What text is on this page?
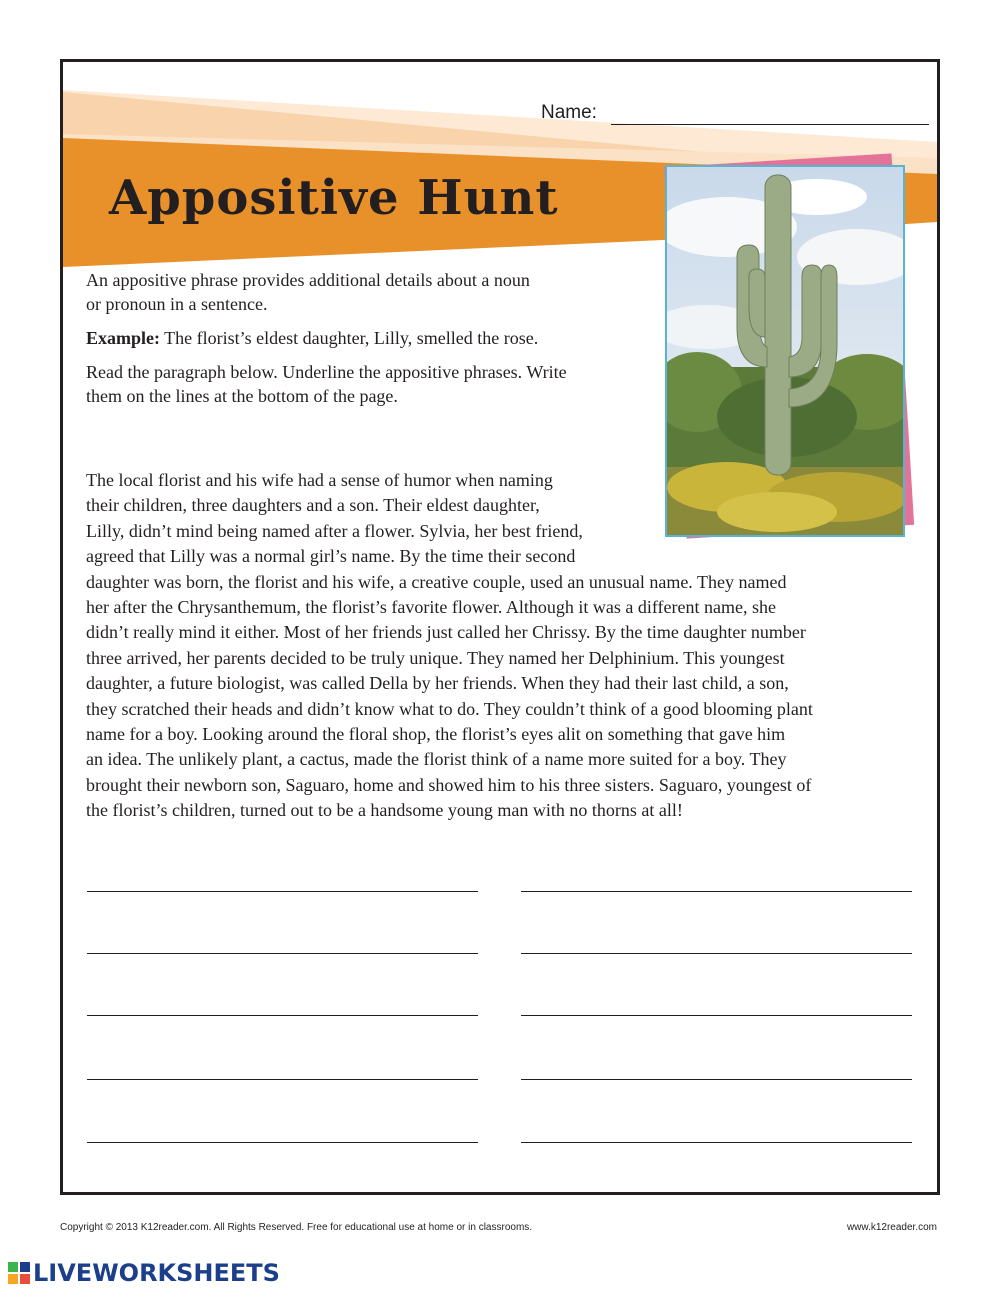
Name:
Appositive Hunt

An appositive phrase provides additional details about a noun
or pronoun in a sentence.

Example: The florist’s eldest daughter, Lilly, smelled the rose.

Read the paragraph below. Underline the appositive phrases. Write
them on the lines at the bottom of the page.

The local florist and his wife had a sense of humor when naming
their children, three daughters and a son. Their eldest daughter,
Lilly, didn’t mind being named after a flower. Sylvia, her best friend,
agreed that Lilly was a normal girl’s name. By the time their second
daughter was born, the florist and his wife, a creative couple, used an unusual name. They named
her after the Chrysanthemum, the florist’s favorite flower. Although it was a different name, she
didn’t really mind it either. Most of her friends just called her Chrissy. By the time daughter number
three arrived, her parents decided to be truly unique. They named her Delphinium. This youngest
daughter, a future biologist, was called Della by her friends. When they had their last child, a son,
they scratched their heads and didn’t know what to do. They couldn’t think of a good blooming plant
name for a boy. Looking around the floral shop, the florist’s eyes alit on something that gave him
an idea. The unlikely plant, a cactus, made the florist think of a name more suited for a boy. They
brought their newborn son, Saguaro, home and showed him to his three sisters. Saguaro, youngest of
the florist’s children, turned out to be a handsome young man with no thorns at all!
Copyright © 2013 K12reader.com. All Rights Reserved. Free for educational use at home or in classrooms.	www.k12reader.com
LIVEWORKSHEETS
